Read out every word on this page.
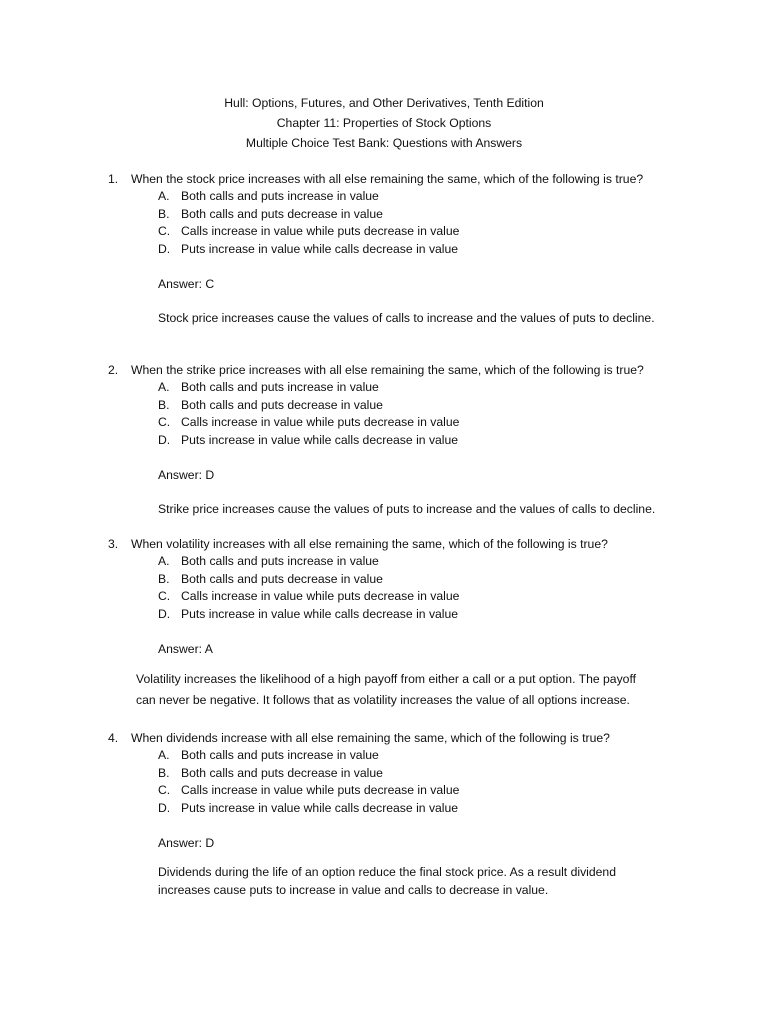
Hull: Options, Futures, and Other Derivatives, Tenth Edition
Chapter 11: Properties of Stock Options
Multiple Choice Test Bank: Questions with Answers
1. When the stock price increases with all else remaining the same, which of the following is true?
A. Both calls and puts increase in value
B. Both calls and puts decrease in value
C. Calls increase in value while puts decrease in value
D. Puts increase in value while calls decrease in value
Answer: C
Stock price increases cause the values of calls to increase and the values of puts to decline.
2. When the strike price increases with all else remaining the same, which of the following is true?
A. Both calls and puts increase in value
B. Both calls and puts decrease in value
C. Calls increase in value while puts decrease in value
D. Puts increase in value while calls decrease in value
Answer: D
Strike price increases cause the values of puts to increase and the values of calls to decline.
3. When volatility increases with all else remaining the same, which of the following is true?
A. Both calls and puts increase in value
B. Both calls and puts decrease in value
C. Calls increase in value while puts decrease in value
D. Puts increase in value while calls decrease in value
Answer: A
Volatility increases the likelihood of a high payoff from either a call or a put option. The payoff
can never be negative. It follows that as volatility increases the value of all options increase.
4. When dividends increase with all else remaining the same, which of the following is true?
A. Both calls and puts increase in value
B. Both calls and puts decrease in value
C. Calls increase in value while puts decrease in value
D. Puts increase in value while calls decrease in value
Answer: D
Dividends during the life of an option reduce the final stock price. As a result dividend
increases cause puts to increase in value and calls to decrease in value.
